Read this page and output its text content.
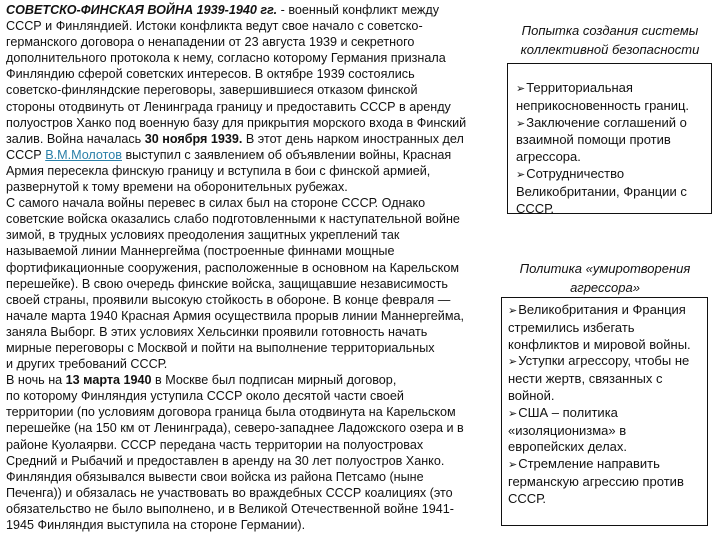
СОВЕТСКО-ФИНСКАЯ ВОЙНА 1939-1940 гг. - военный конфликт между
СССР и Финляндией. Истоки конфликта ведут свое начало с советско-
германского договора о ненападении от 23 августа 1939 и секретного
дополнительного протокола к нему, согласно которому Германия признала
Финляндию сферой советских интересов. В октябре 1939 состоялись
советско-финляндские переговоры, завершившиеся отказом финской
стороны отодвинуть от Ленинграда границу и предоставить СССР в аренду
полуостров Ханко под военную базу для прикрытия морского входа в Финский
залив. Война началась 30 ноября 1939. В этот день нарком иностранных дел
СССР В.М.Молотов выступил с заявлением об объявлении войны, Красная
Армия пересекла финскую границу и вступила в бои с финской армией,
развернутой к тому времени на оборонительных рубежах.
С самого начала войны перевес в силах был на стороне СССР. Однако
советские войска оказались слабо подготовленными к наступательной войне
зимой, в трудных условиях преодоления защитных укреплений так
называемой линии Маннергейма (построенные финнами мощные
фортификационные сооружения, расположенные в основном на Карельском
перешейке). В свою очередь финские войска, защищавшие независимость
своей страны, проявили высокую стойкость в обороне. В конце февраля —
начале марта 1940 Красная Армия осуществила прорыв линии Маннергейма,
заняла Выборг. В этих условиях Хельсинки проявили готовность начать
мирные переговоры с Москвой и пойти на выполнение территориальных
и других требований СССР.
В ночь на 13 марта 1940 в Москве был подписан мирный договор,
по которому Финляндия уступила СССР около десятой части своей
территории (по условиям договора граница была отодвинута на Карельском
перешейке (на 150 км от Ленинграда), северо-западнее Ладожского озера и в
районе Куолаярви. СССР передана часть территории на полуостровах
Средний и Рыбачий и предоставлен в аренду на 30 лет полуостров Ханко.
Финляндия обязывался вывести свои войска из района Петсамо (ныне
Печенга)) и обязалась не участвовать во враждебных СССР коалициях (это
обязательство не было выполнено, и в Великой Отечественной войне 1941-
1945 Финляндия выступила на стороне Германии).
Попытка создания системы
коллективной безопасности
➢Территориальная
неприкосновенность границ.
➢Заключение соглашений о
взаимной помощи против
агрессора.
➢Сотрудничество
Великобритании, Франции с
СССР.
Политика «умиротворения
агрессора»
➢Великобритания и Франция
стремились избегать
конфликтов и мировой войны.
➢Уступки агрессору, чтобы не
нести жертв, связанных с
войной.
➢США – политика
«изоляционизма» в
европейских делах.
➢Стремление направить
германскую агрессию против
СССР.
